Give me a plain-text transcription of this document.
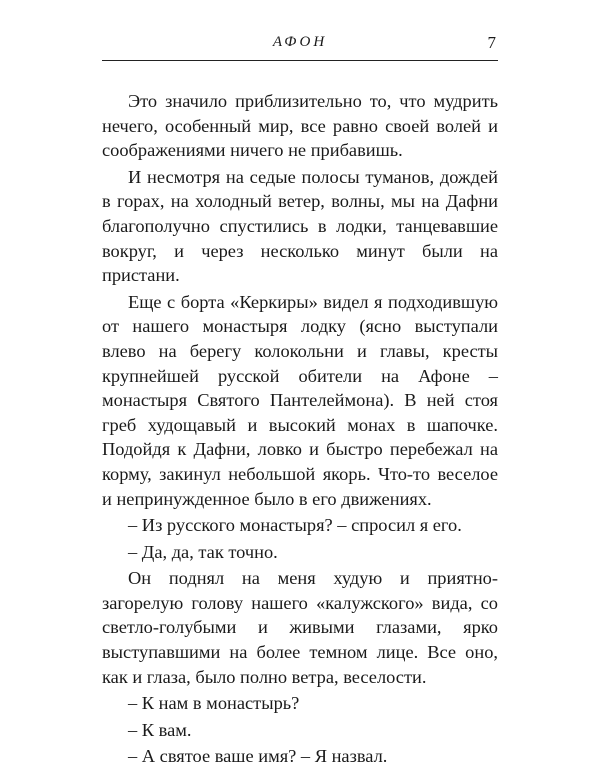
АФОН	7

Это значило приблизительно то, что мудрить нечего, особенный мир, все равно своей волей и соображениями ничего не прибавишь.

И несмотря на седые полосы туманов, дождей в горах, на холодный ветер, волны, мы на Дафни благополучно спустились в лодки, танцевавшие вокруг, и через несколько минут были на пристани.

Еще с борта «Керкиры» видел я подходившую от нашего монастыря лодку (ясно выступали влево на берегу колокольни и главы, кресты крупнейшей русской обители на Афоне – монастыря Святого Пантелеймона). В ней стоя греб худощавый и высокий монах в шапочке. Подойдя к Дафни, ловко и быстро перебежал на корму, закинул небольшой якорь. Что-то веселое и непринужденное было в его движениях.

– Из русского монастыря? – спросил я его.

– Да, да, так точно.

Он поднял на меня худую и приятно-загорелую голову нашего «калужского» вида, со светло-голубыми и живыми глазами, ярко выступавшими на более темном лице. Все оно, как и глаза, было полно ветра, веселости.

– К нам в монастырь?

– К вам.

– А святое ваше имя? – Я назвал.
